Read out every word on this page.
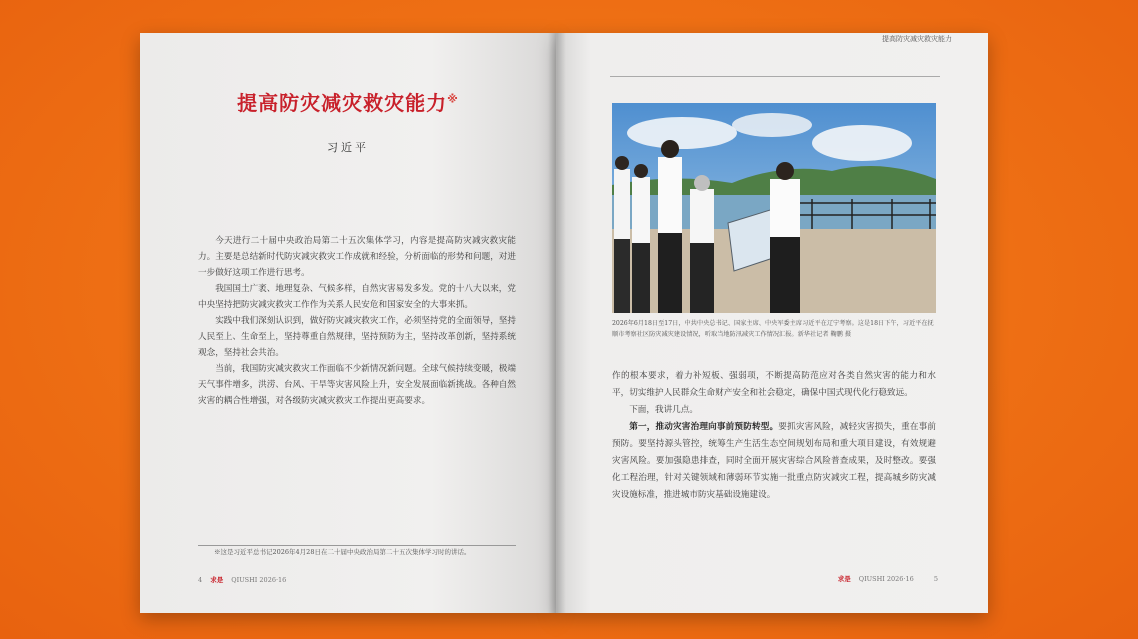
提高防灾减灾救灾能力※
习近平

今天进行二十届中央政治局第二十五次集体学习，内容是提高防灾减灾救灾能力。主要是总结新时代防灾减灾救灾工作成就和经验，分析面临的形势和问题，对进一步做好这项工作进行思考。

我国国土广袤、地理复杂、气候多样，自然灾害易发多发。党的十八大以来，党中央坚持把防灾减灾救灾工作作为关系人民安危和国家安全的大事来抓。

实践中我们深刻认识到，做好防灾减灾救灾工作，必须坚持党的全面领导，坚持人民至上、生命至上，坚持尊重自然规律，坚持预防为主，坚持改革创新，坚持系统观念，坚持社会共治。

当前，我国防灾减灾救灾工作面临不少新情况新问题。全球气候持续变暖，极端天气事件增多，洪涝、台风、干旱等灾害风险上升，安全发展面临新挑战。各种自然灾害的耦合性增强，对各级防灾减灾救灾工作提出更高要求。

※这是习近平总书记2026年4月28日在二十届中央政治局第二十五次集体学习时的讲话。
4 求是 QIUSHI 2026·16
提高防灾减灾救灾能力
2026年6月18日至17日，中共中央总书记、国家主席、中央军委主席习近平在辽宁考察。这是18日下午，习近平在抚顺市考察社区防灾减灾建设情况，听取当地防汛减灾工作情况汇报。新华社记者 鞠鹏 摄

作的根本要求，着力补短板、强弱项，不断提高防范应对各类自然灾害的能力和水平，切实维护人民群众生命财产安全和社会稳定，确保中国式现代化行稳致远。

下面，我讲几点。

第一，推动灾害治理向事前预防转型。要抓灾害风险，减轻灾害损失，重在事前预防。要坚持源头管控，统筹生产生活生态空间规划布局和重大项目建设，有效规避灾害风险。要加强隐患排查，同时全面开展灾害综合风险普查成果，及时整改。要强化工程治理，针对关键领域和薄弱环节实施一批重点防灾减灾工程，提高城乡防灾减灾设施标准，推进城市防灾基础设施建设。

求是 QIUSHI 2026·16	5
